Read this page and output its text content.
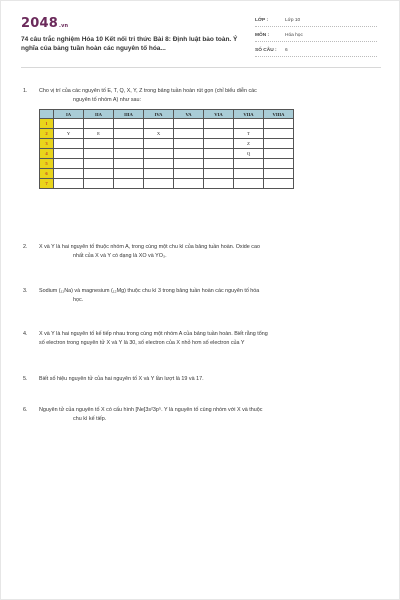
2048.vn
74 câu trắc nghiệm Hóa 10 Kết nối tri thức Bài 8: Định luật bảo toàn. Ý nghĩa của bảng tuần hoàn các nguyên tố hóa...
LỚP :	Lớp 10
MÔN :	Hóa học
SỐ CÂU : 6
1. Cho vị trí của các nguyên tố E, T, Q, X, Y, Z trong bảng tuần hoàn rút gọn (chỉ biểu diễn các
nguyên tố nhóm A) như sau:
	IA	IIA	IIIA	IVA	VA	VIA	VIIA	VIIIA
1								
2	Y	E		X			T	
3							Z	
4							Q	
5								
6								
7								
2. X và Y là hai nguyên tố thuộc nhóm A, trong cùng một chu kì của bảng tuần hoàn. Oxide cao
nhất của X và Y có dạng là XO và YO₃.
3. Sodium (₁₁Na) và magnesium (₁₂Mg) thuộc chu kì 3 trong bảng tuần hoàn các nguyên tố hóa
học.
4. X và Y là hai nguyên tố kế tiếp nhau trong cùng một nhóm A của bảng tuần hoàn. Biết rằng tổng
số electron trong nguyên tử X và Y là 30, số electron của X nhỏ hơn số electron của Y
5. Biết số hiệu nguyên tử của hai nguyên tố X và Y lần lượt là 19 và 17.
6. Nguyên tử của nguyên tố X có cấu hình [Ne]3s²3p⁵. Y là nguyên tố cùng nhóm với X và thuộc
chu kì kế tiếp.
